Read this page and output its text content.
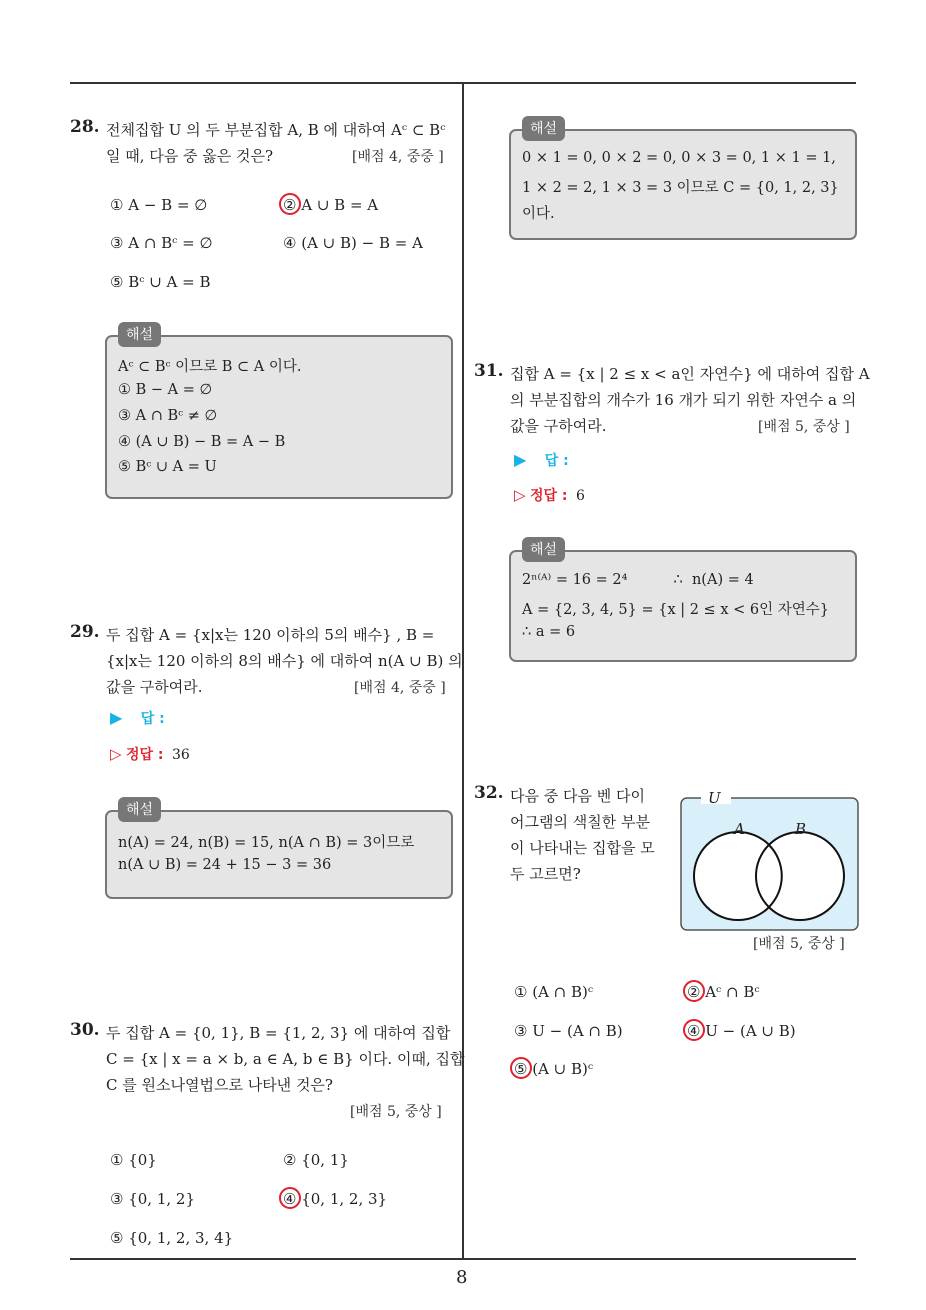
8
28. 전체집합 U 의 두 부분집합 A, B 에 대하여 Aᶜ ⊂ Bᶜ
일 때, 다음 중 옳은 것은?	[배점 4, 중중 ]
① A − B = ∅	② A ∪ B = A
③ A ∩ Bᶜ = ∅	④ (A ∪ B) − B = A
⑤ Bᶜ ∪ A = B
해설
Aᶜ ⊂ Bᶜ 이므로 B ⊂ A 이다.
① B − A = ∅
③ A ∩ Bᶜ ≠ ∅
④ (A ∪ B) − B = A − B
⑤ Bᶜ ∪ A = U
29. 두 집합 A = {x|x는 120 이하의 5의 배수} , B =
{x|x는 120 이하의 8의 배수} 에 대하여 n(A ∪ B) 의
값을 구하여라.	[배점 4, 중중 ]
▶ 답 :
▷ 정답 : 36
해설
n(A) = 24, n(B) = 15, n(A ∩ B) = 3이므로
n(A ∪ B) = 24 + 15 − 3 = 36
30. 두 집합 A = {0, 1}, B = {1, 2, 3} 에 대하여 집합
C = {x | x = a × b, a ∈ A, b ∈ B} 이다. 이때, 집합
C 를 원소나열법으로 나타낸 것은?
[배점 5, 중상 ]
① {0}	② {0, 1}
③ {0, 1, 2}	④ {0, 1, 2, 3}
⑤ {0, 1, 2, 3, 4}
해설
0 × 1 = 0, 0 × 2 = 0, 0 × 3 = 0, 1 × 1 = 1,
1 × 2 = 2, 1 × 3 = 3 이므로 C = {0, 1, 2, 3}
이다.
31. 집합 A = {x | 2 ≤ x < a인 자연수} 에 대하여 집합 A
의 부분집합의 개수가 16 개가 되기 위한 자연수 a 의
값을 구하여라.	[배점 5, 중상 ]
▶ 답 :
▷ 정답 : 6
해설
2ⁿ⁽ᴬ⁾ = 16 = 2⁴          ∴  n(A) = 4
A = {2, 3, 4, 5} = {x | 2 ≤ x < 6인 자연수}
∴ a = 6
32. 다음 중 다음 벤 다이
어그램의 색칠한 부분
이 나타내는 집합을 모
두 고르면?
U
A	B
[배점 5, 중상 ]
① (A ∩ B)ᶜ	② Aᶜ ∩ Bᶜ
③ U − (A ∩ B)	④ U − (A ∪ B)
⑤ (A ∪ B)ᶜ
